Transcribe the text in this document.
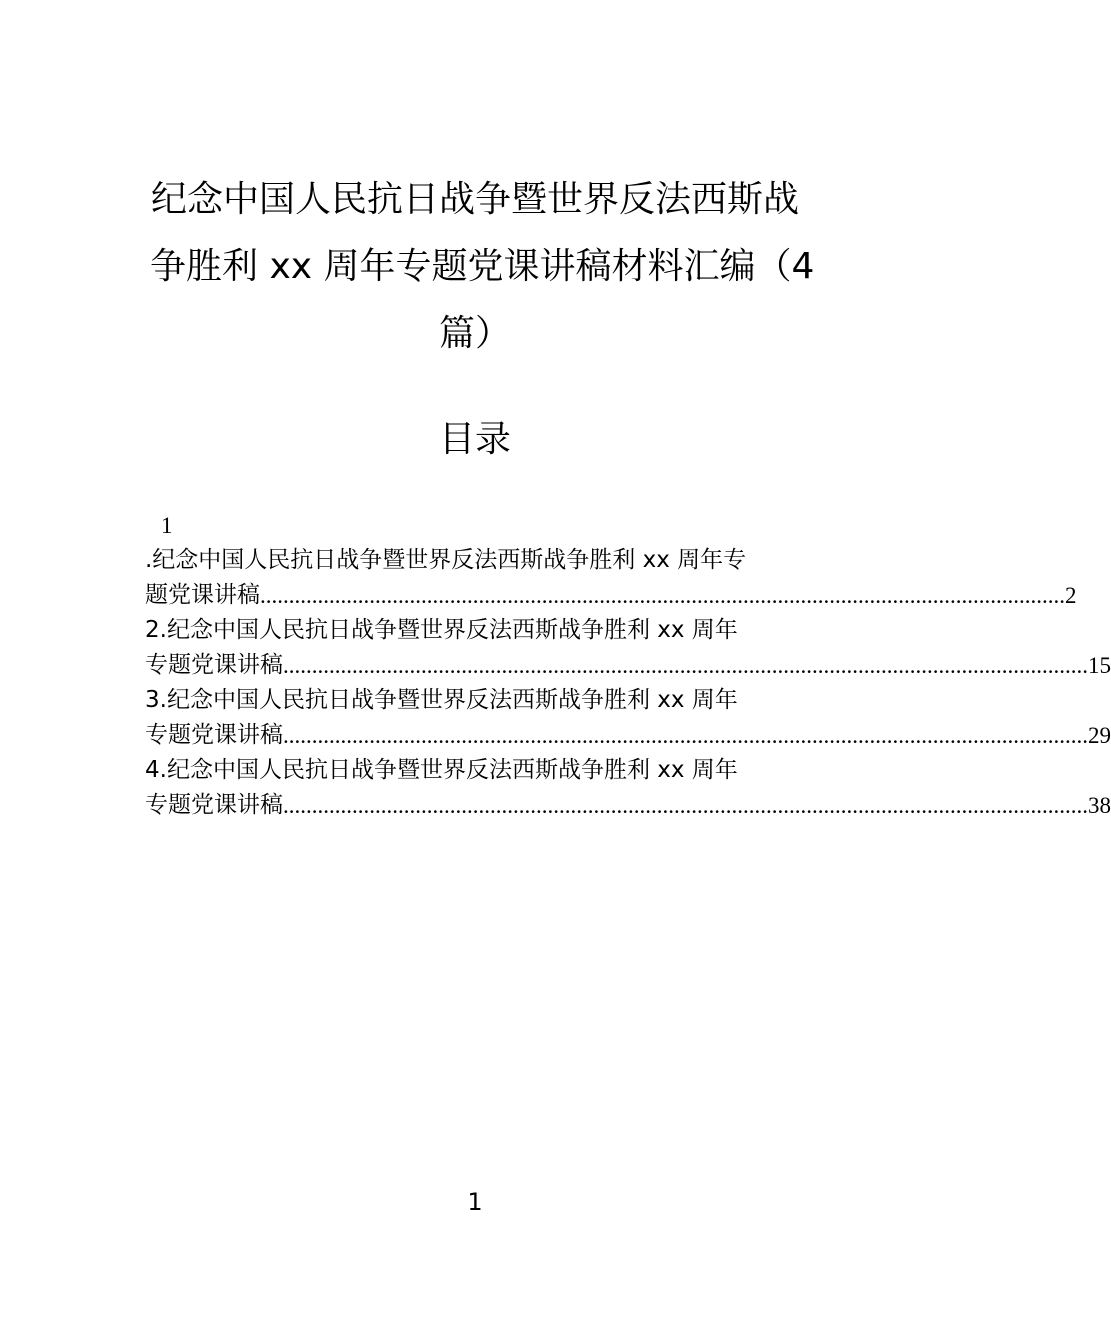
纪念中国人民抗日战争暨世界反法西斯战
争胜利 xx 周年专题党课讲稿材料汇编（4
篇）
目录
1
.纪念中国人民抗日战争暨世界反法西斯战争胜利 xx 周年专
题党课讲稿 ............................................................................................................................................ 2
2.纪念中国人民抗日战争暨世界反法西斯战争胜利 xx 周年
专题党课讲稿 ............................................................................................................................................ 15
3.纪念中国人民抗日战争暨世界反法西斯战争胜利 xx 周年
专题党课讲稿 ............................................................................................................................................ 29
4.纪念中国人民抗日战争暨世界反法西斯战争胜利 xx 周年
专题党课讲稿 ............................................................................................................................................ 38
1
